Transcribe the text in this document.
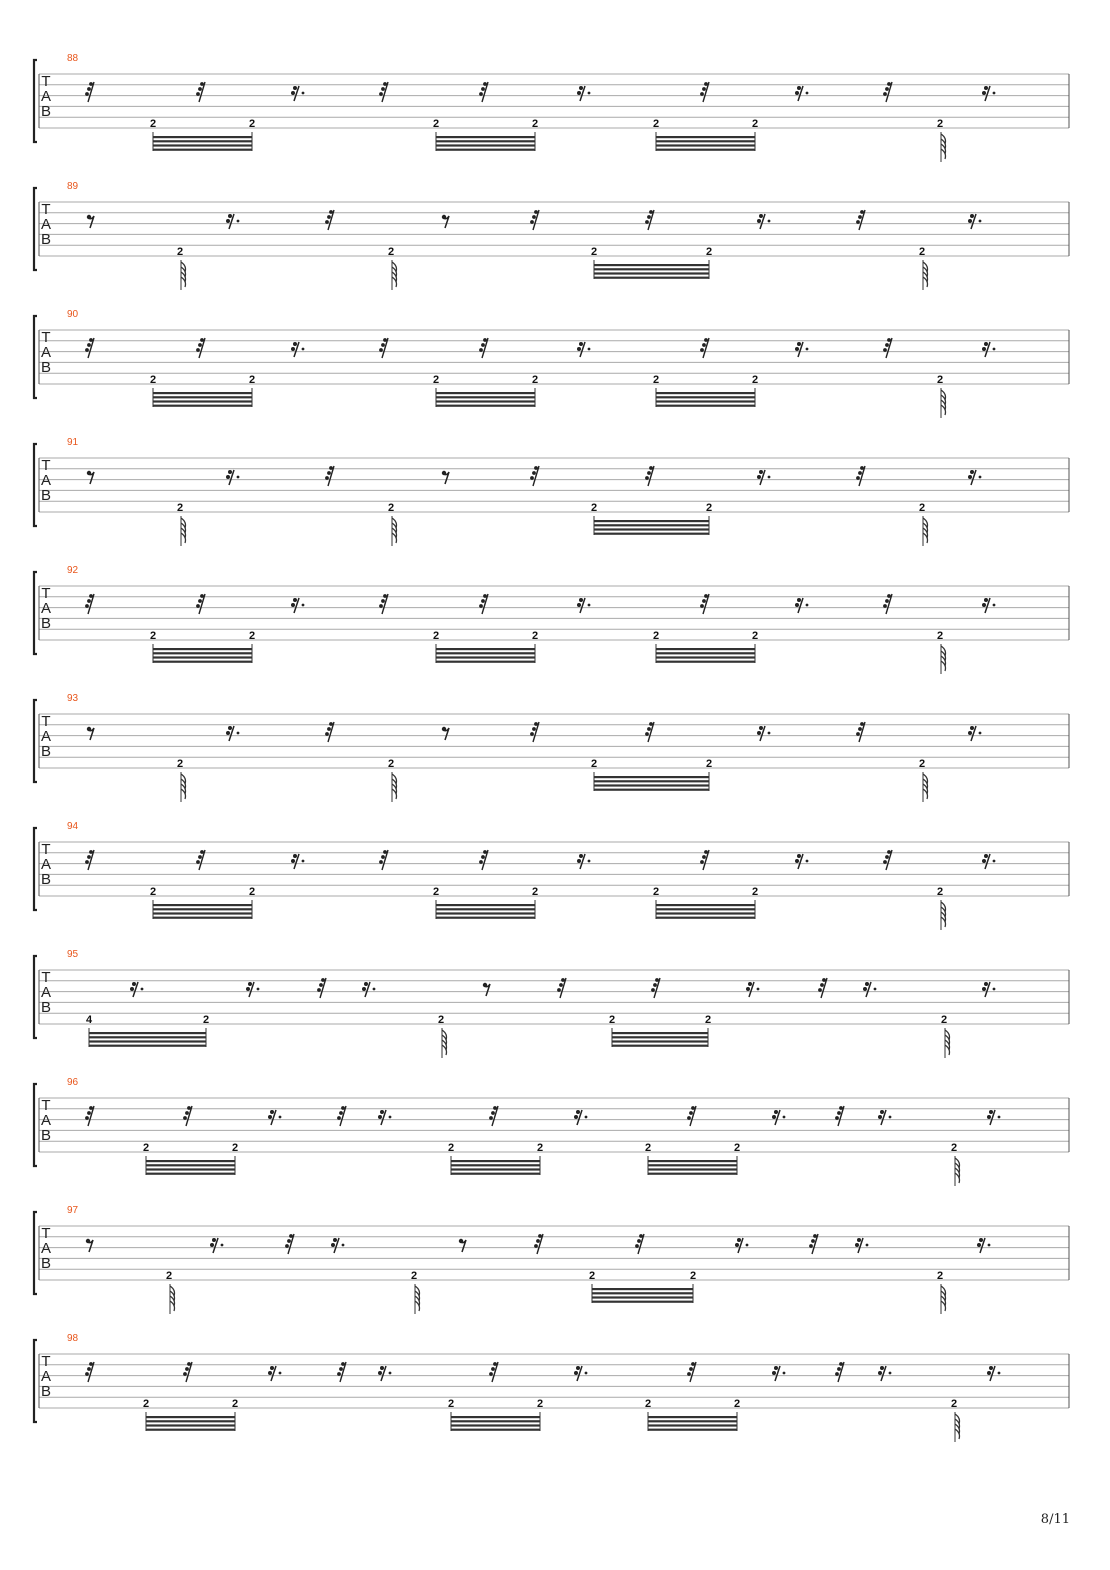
T
A
B
88
2	2	2	2	2	2	2
T
A
B
89
2	2	2	2	2
T
A
B
90
2	2	2	2	2	2	2
T
A
B
91
2	2	2	2	2
T
A
B
92
2	2	2	2	2	2	2
T
A
B
93
2	2	2	2	2
T
A
B
94
2	2	2	2	2	2	2
T
A
B
95
4	2	2	2	2	2
T
A
B
96
2	2	2	2	2	2	2
T
A
B
97
2	2	2	2	2
T
A
B
98
2	2	2	2	2	2	2
8/11
